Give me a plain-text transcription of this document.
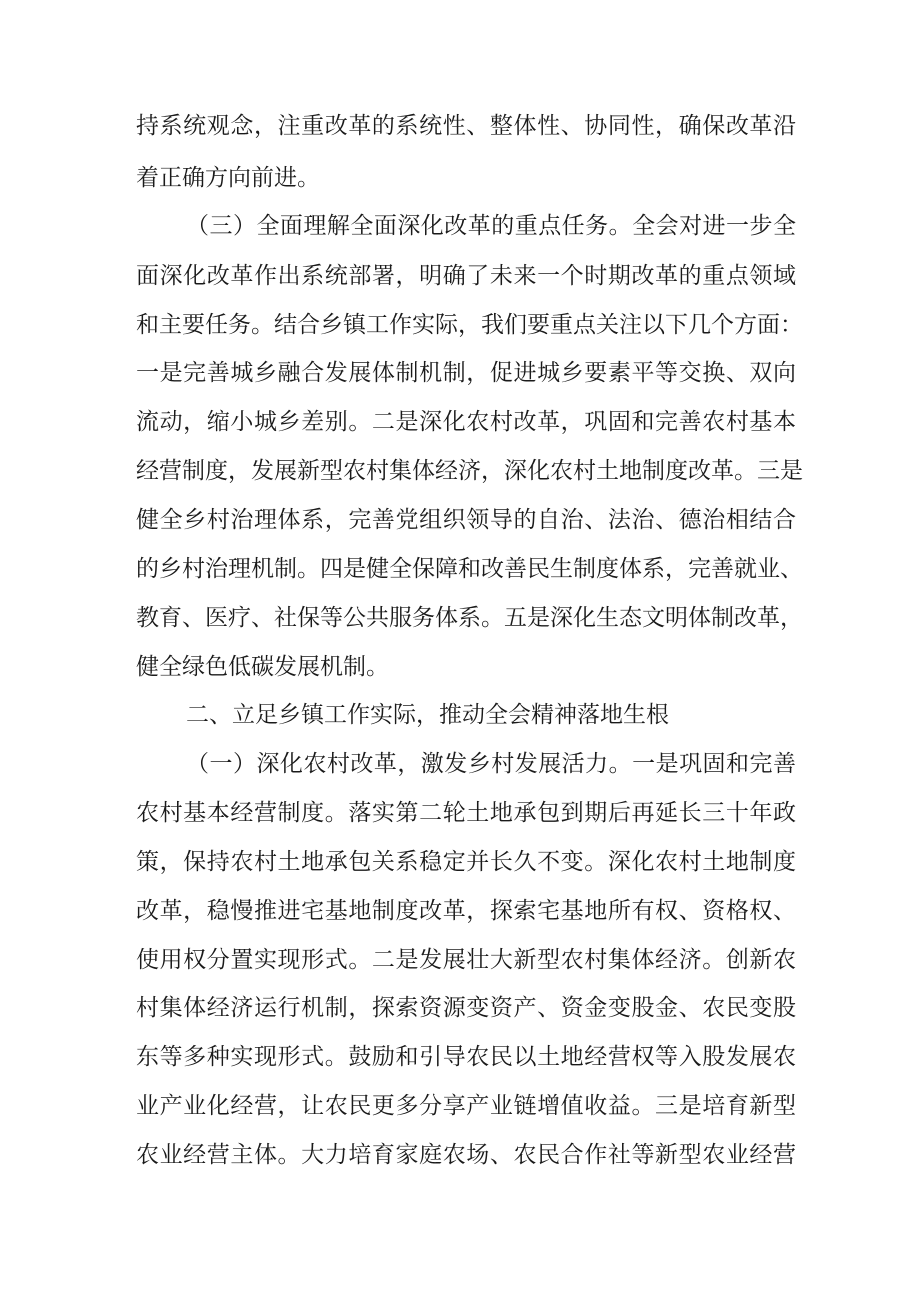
持系统观念，注重改革的系统性、整体性、协同性，确保改革沿
着正确方向前进。
（三）全面理解全面深化改革的重点任务。全会对进一步全
面深化改革作出系统部署，明确了未来一个时期改革的重点领域
和主要任务。结合乡镇工作实际，我们要重点关注以下几个方面：
一是完善城乡融合发展体制机制，促进城乡要素平等交换、双向
流动，缩小城乡差别。二是深化农村改革，巩固和完善农村基本
经营制度，发展新型农村集体经济，深化农村土地制度改革。三是
健全乡村治理体系，完善党组织领导的自治、法治、德治相结合
的乡村治理机制。四是健全保障和改善民生制度体系，完善就业、
教育、医疗、社保等公共服务体系。五是深化生态文明体制改革，
健全绿色低碳发展机制。
二、立足乡镇工作实际，推动全会精神落地生根
（一）深化农村改革，激发乡村发展活力。一是巩固和完善
农村基本经营制度。落实第二轮土地承包到期后再延长三十年政
策，保持农村土地承包关系稳定并长久不变。深化农村土地制度
改革，稳慢推进宅基地制度改革，探索宅基地所有权、资格权、
使用权分置实现形式。二是发展壮大新型农村集体经济。创新农
村集体经济运行机制，探索资源变资产、资金变股金、农民变股
东等多种实现形式。鼓励和引导农民以土地经营权等入股发展农
业产业化经营，让农民更多分享产业链增值收益。三是培育新型
农业经营主体。大力培育家庭农场、农民合作社等新型农业经营
